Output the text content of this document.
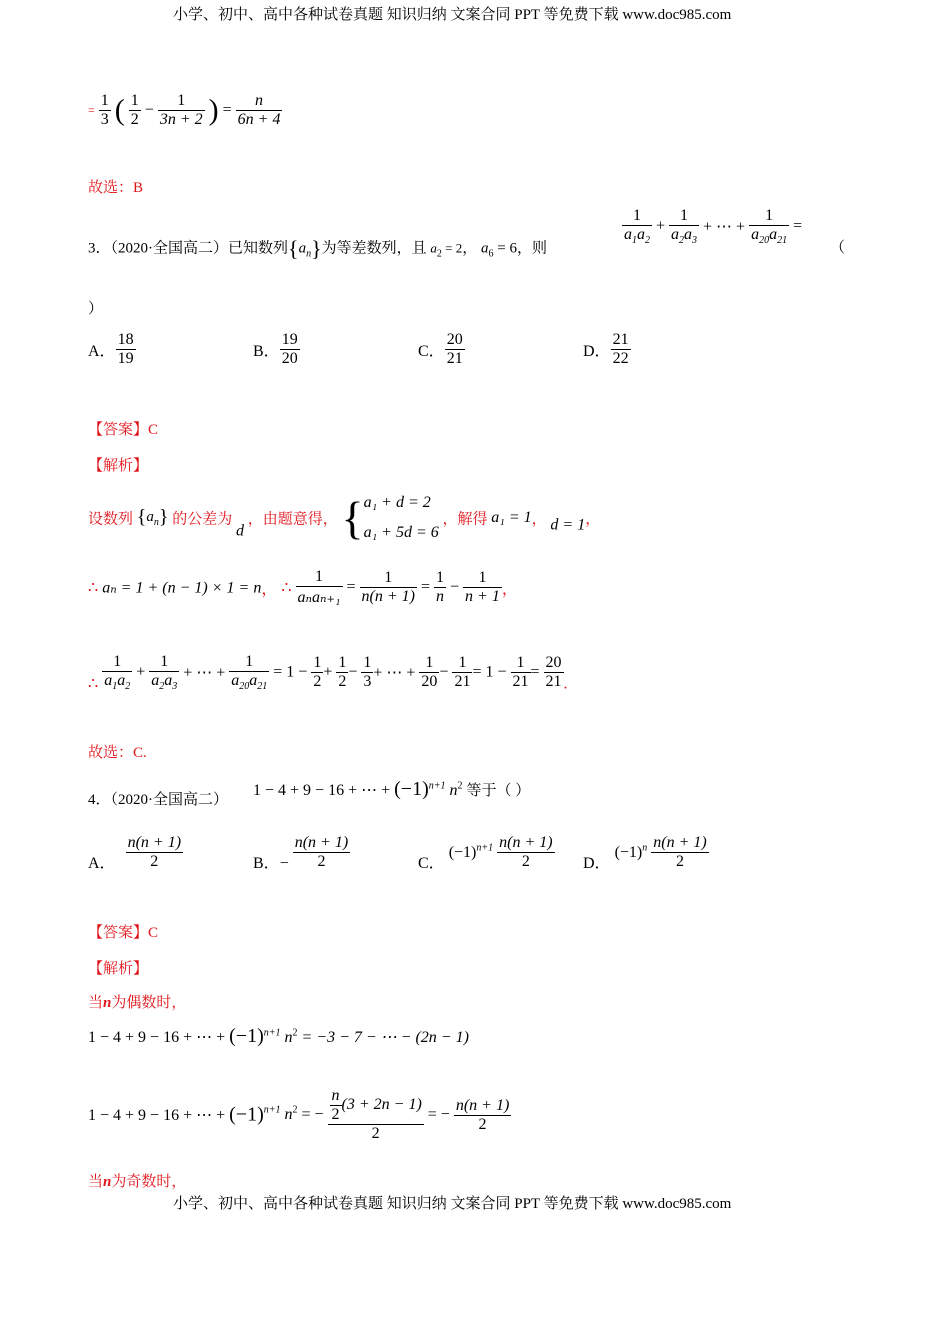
小学、初中、高中各种试卷真题 知识归纳 文案合同 PPT 等免费下载 www.doc985.com
= $\frac{1}{3}$ ( $\frac{1}{2} - \frac{1}{3n + 2}$ ) = $\frac{n}{6n + 4}$
故选：B
3．（2020·全国高二）已知数列$\{a_n\}$为等差数列，且 $a_2 = 2$， $a_6 = 6$，则
$\frac{1}{a_1a_2} + \frac{1}{a_2a_3}$ + ⋯ + $\frac{1}{a_{20}a_{21}}$ =
（
）
A． $\frac{18}{19}$	B． $\frac{19}{20}$	C． $\frac{20}{21}$	D． $\frac{21}{22}$
【答案】C
【解析】
设数列 $\{a_n\}$ 的公差为 d ，由题意得， { a₁ + d = 2
a₁ + 5d = 6
，解得 a₁ = 1， d = 1，
∴ aₙ = 1 + (n − 1) × 1 = n， ∴ $\frac{1}{\text{aₙaₙ₊₁}} = \frac{1}{n(n + 1)} = \frac{1}{n} - \frac{1}{n + 1}$ ，
∴ $\frac{1}{a_1a_2} + \frac{1}{a_2a_3}$ + ⋯ + $\frac{1}{a_{20}a_{21}} = 1 - \frac{1}{2} + \frac{1}{2} - \frac{1}{3}$ + ⋯ + $\frac{1}{20} - \frac{1}{21} = 1 - \frac{1}{21} = \frac{20}{21}$ .
故选：C.
4．（2020·全国高二）
1 − 4 + 9 − 16 + ⋯ + $(-1)^{n+1}$ $n^2$ 等于（ ）
A． $\frac{n(n + 1)}{2}$	B．− $\frac{n(n + 1)}{2}$	C． $(-1)^{n+1} \frac{n(n + 1)}{2}$ D． $(-1)^n \frac{n(n + 1)}{2}$
【答案】C
【解析】
当n为偶数时，
1 − 4 + 9 − 16 + ⋯ + $(-1)^{n+1}$ $n^2 = -3 - 7$ − ⋯ − (2n − 1)
1 − 4 + 9 − 16 + ⋯ + $(-1)^{n+1}$ $n^2$ = − $\frac{\frac{n}{2} (3 + 2n - 1)}{2}$ = − $\frac{n(n + 1)}{2}$
当n为奇数时，
小学、初中、高中各种试卷真题 知识归纳 文案合同 PPT 等免费下载 www.doc985.com
